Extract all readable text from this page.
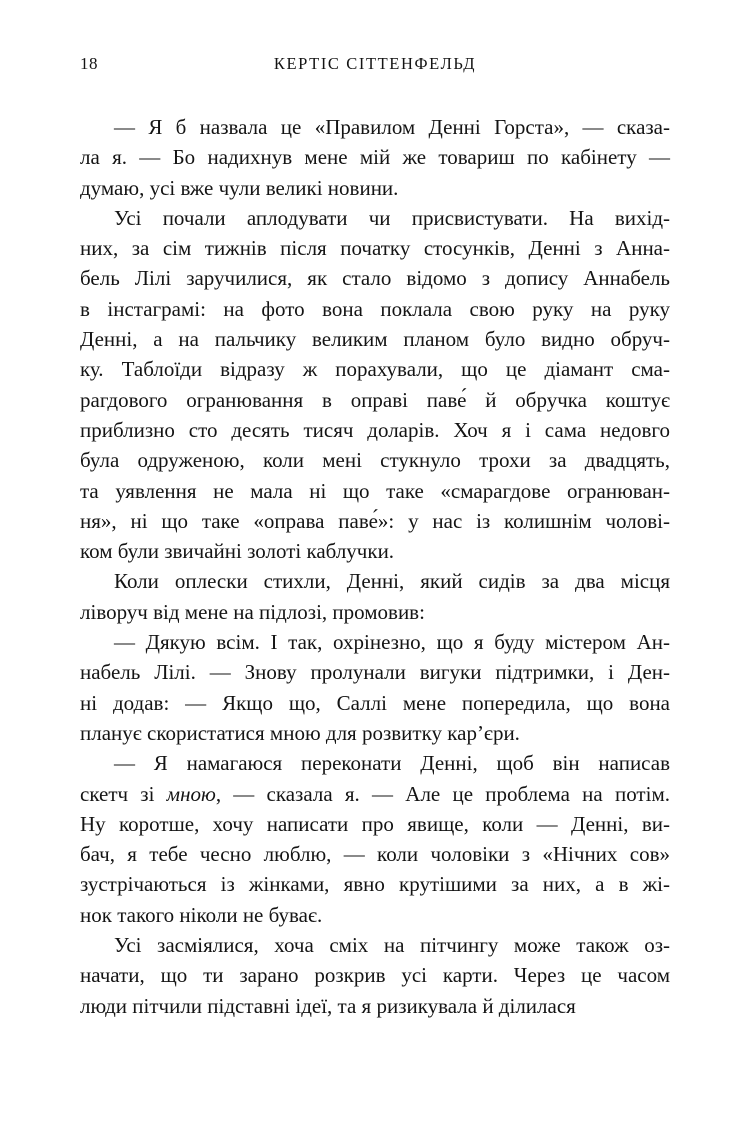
18	КЕРТІС СІТТЕНФЕЛЬД
— Я б назвала це «Правилом Денні Горста», — сказа-
ла я. — Бо надихнув мене мій же товариш по кабінету —
думаю, усі вже чули великі новини.
Усі почали аплодувати чи присвистувати. На вихід-
них, за сім тижнів після початку стосунків, Денні з Анна-
бель Лілі заручилися, як стало відомо з допису Аннабель
в інстаграмі: на фото вона поклала свою руку на руку
Денні, а на пальчику великим планом було видно обруч-
ку. Таблоїди відразу ж порахували, що це діамант сма-
рагдового огранювання в оправі паве́ й обручка коштує
приблизно сто десять тисяч доларів. Хоч я і сама недовго
була одруженою, коли мені стукнуло трохи за двадцять,
та уявлення не мала ні що таке «смарагдове огранюван-
ня», ні що таке «оправа паве́»: у нас із колишнім чолові-
ком були звичайні золоті каблучки.
Коли оплески стихли, Денні, який сидів за два місця
ліворуч від мене на підлозі, промовив:
— Дякую всім. І так, охрінезно, що я буду містером Ан-
набель Лілі. — Знову пролунали вигуки підтримки, і Ден-
ні додав: — Якщо що, Саллі мене попередила, що вона
планує скористатися мною для розвитку кар’єри.
— Я намагаюся переконати Денні, щоб він написав
скетч зі мною, — сказала я. — Але це проблема на потім.
Ну коротше, хочу написати про явище, коли — Денні, ви-
бач, я тебе чесно люблю, — коли чоловіки з «Нічних сов»
зустрічаються із жінками, явно крутішими за них, а в жі-
нок такого ніколи не буває.
Усі засміялися, хоча сміх на пітчингу може також оз-
начати, що ти зарано розкрив усі карти. Через це часом
люди пітчили підставні ідеї, та я ризикувала й ділилася
